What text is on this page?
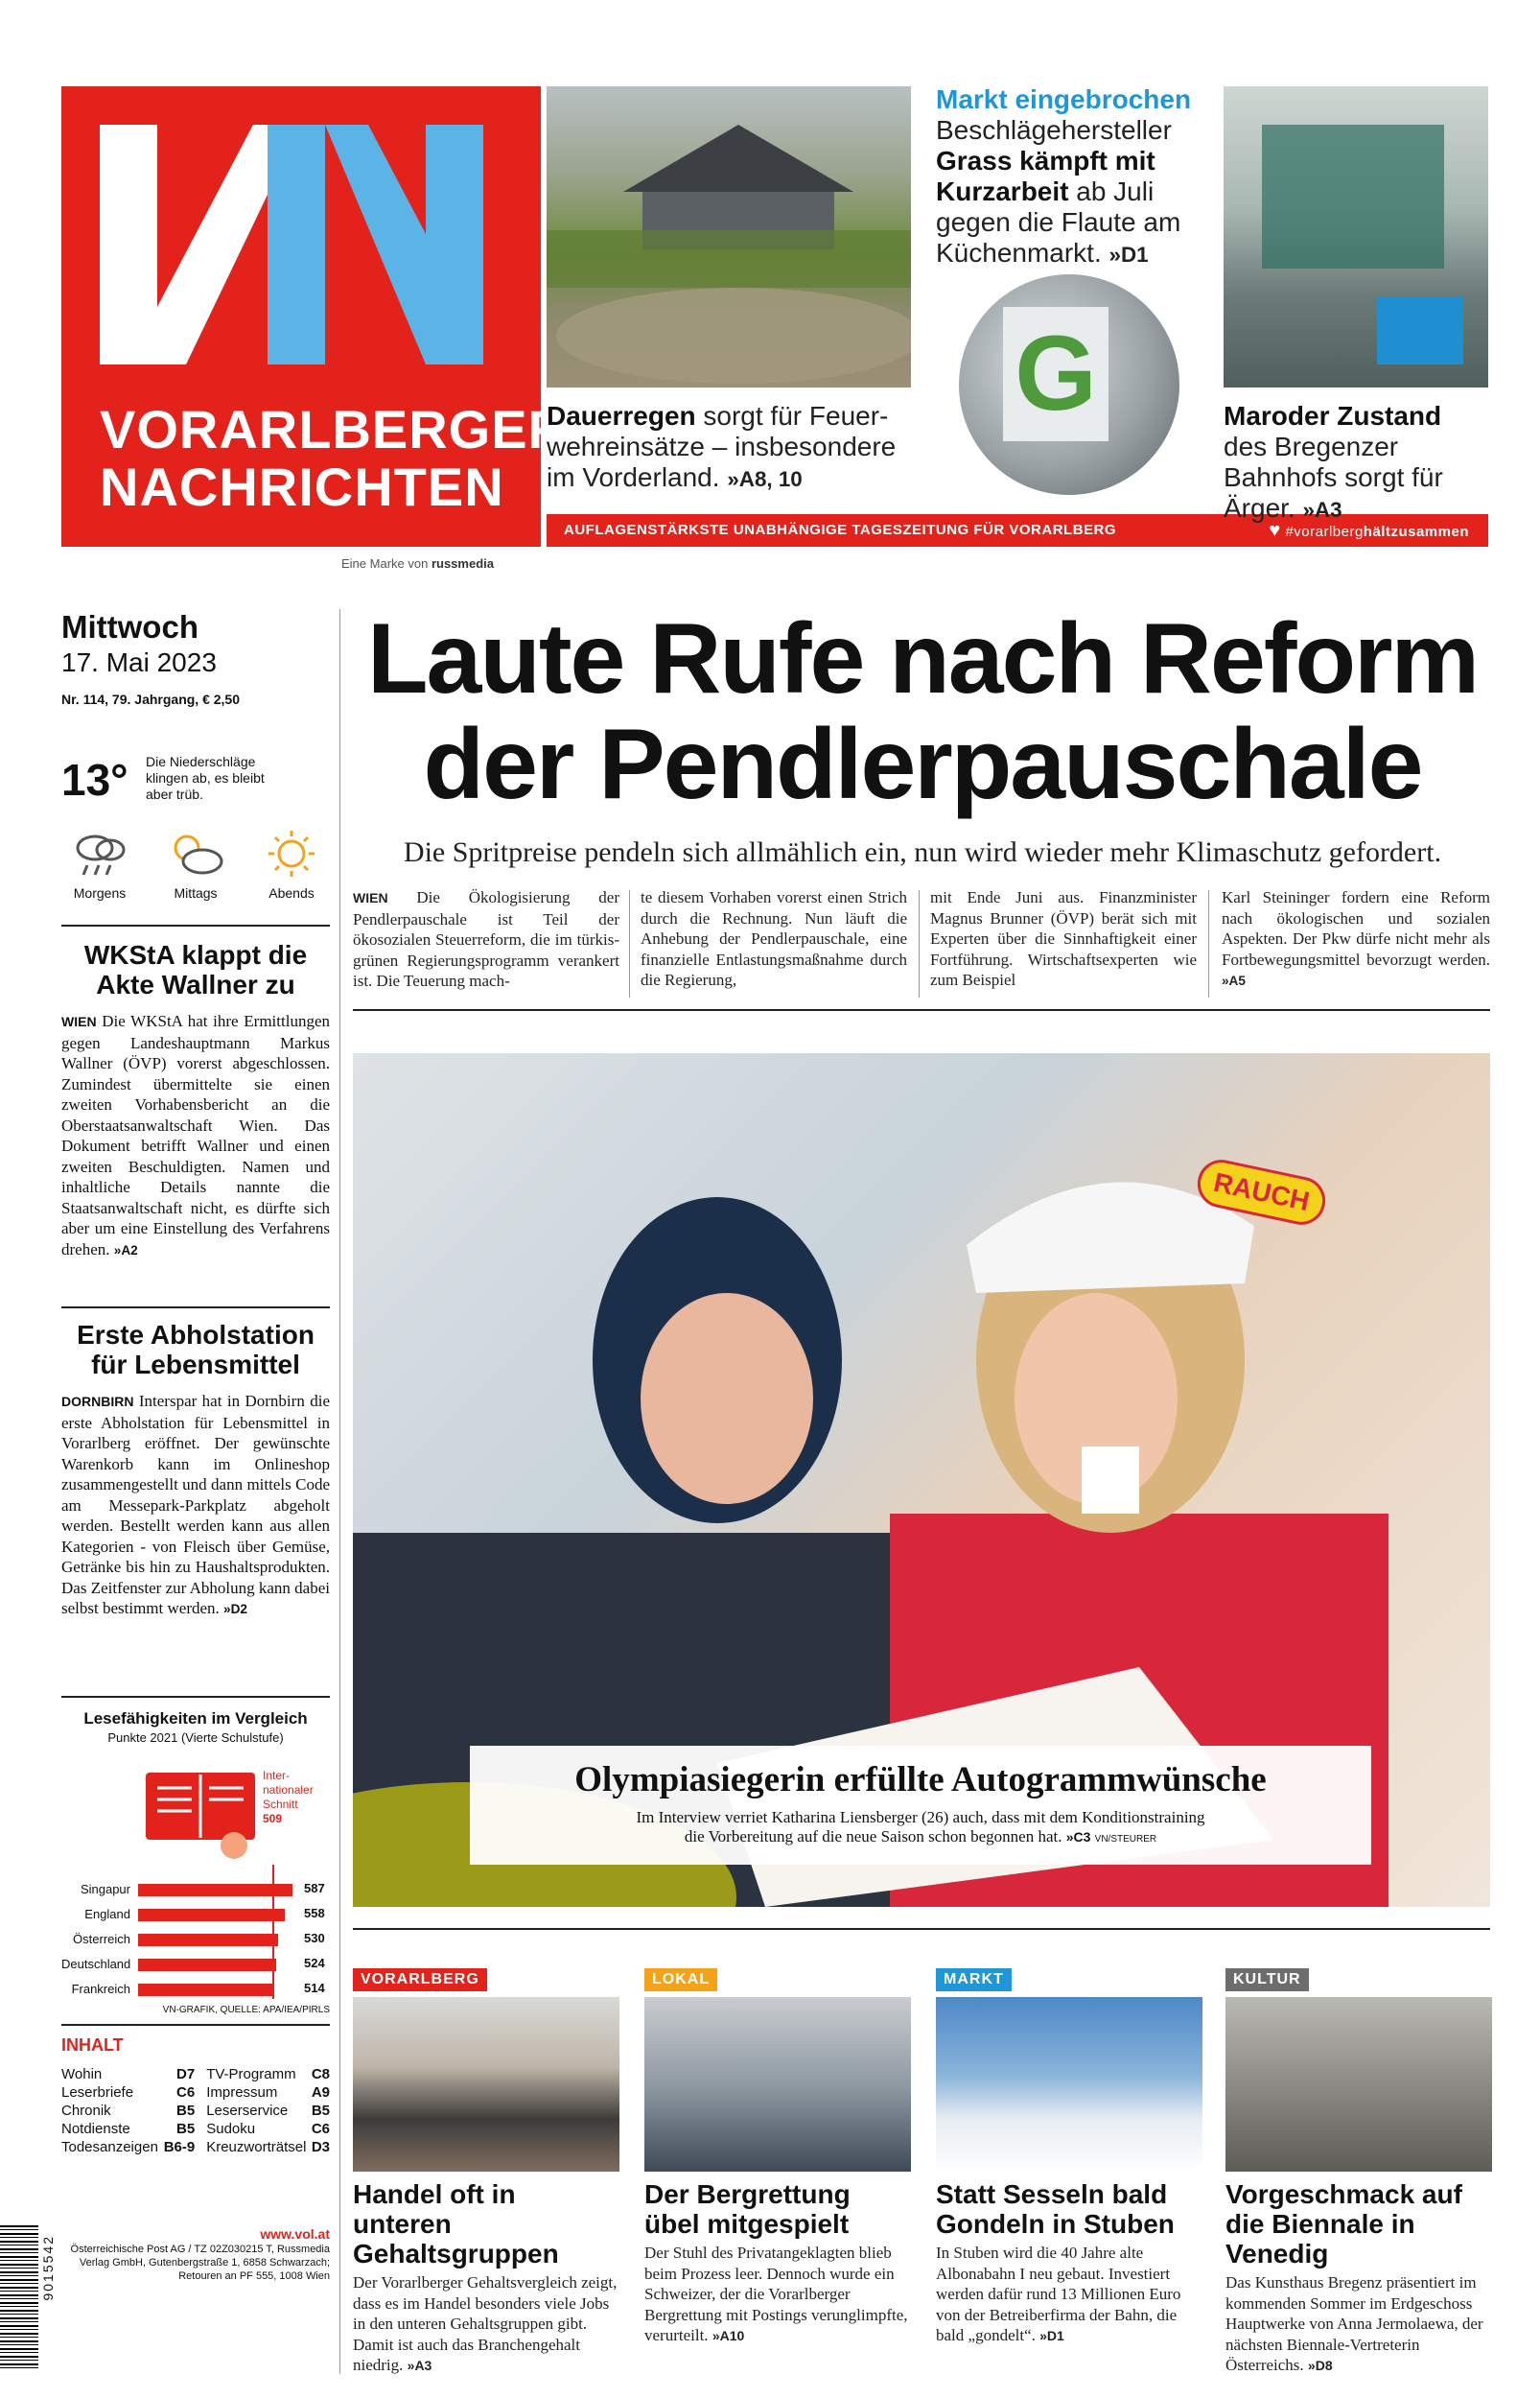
VORARLBERGER
NACHRICHTEN
AUFLAGENSTÄRKSTE UNABHÄNGIGE TAGESZEITUNG FÜR VORARLBERG	♥ #vorarlberghältzusammen
Eine Marke von russmedia
Dauerregen sorgt für Feuerwehreinsätze – insbesondere im Vorderland. »A8, 10
Markt eingebrochen
Beschlägehersteller Grass kämpft mit Kurzarbeit ab Juli gegen die Flaute am Küchenmarkt. »D1
G	Maroder Zustand des Bregenzer Bahnhofs sorgt für Ärger. »A3
Mittwoch
17. Mai 2023
Nr. 114, 79. Jahrgang, € 2,50
13° Die Niederschläge klingen ab, es bleibt aber trüb.
Morgens	Mittags	Abends
WKStA klappt die Akte Wallner zu
WIEN Die WKStA hat ihre Ermittlungen gegen Landeshauptmann Markus Wallner (ÖVP) vorerst abgeschlossen. Zumindest übermittelte sie einen zweiten Vorhabensbericht an die Oberstaatsanwaltschaft Wien. Das Dokument betrifft Wallner und einen zweiten Beschuldigten. Namen und inhaltliche Details nannte die Staatsanwaltschaft nicht, es dürfte sich aber um eine Einstellung des Verfahrens drehen. »A2
Erste Abholstation für Lebensmittel
DORNBIRN Interspar hat in Dornbirn die erste Abholstation für Lebensmittel in Vorarlberg eröffnet. Der gewünschte Warenkorb kann im Onlineshop zusammengestellt und dann mittels Code am Messepark-Parkplatz abgeholt werden. Bestellt werden kann aus allen Kategorien - von Fleisch über Gemüse, Getränke bis hin zu Haushaltsprodukten. Das Zeitfenster zur Abholung kann dabei selbst bestimmt werden. »D2
Lesefähigkeiten im Vergleich
Punkte 2021 (Vierte Schulstufe)
Inter-
nationaler
Schnitt
509
Singapur	587
England	558
Österreich	530
Deutschland	524
Frankreich	514
VN-GRAFIK, QUELLE: APA/IEA/PIRLS
INHALT
Wohin	D7		TV-Programm	C8
Leserbriefe	C6		Impressum	A9
Chronik	B5		Leserservice	B5
Notdienste	B5		Sudoku	C6
Todesanzeigen	B6-9		Kreuzworträtsel	D3
9015542
www.vol.at
Österreichische Post AG / TZ 02Z030215 T, Russmedia Verlag GmbH, Gutenbergstraße 1, 6858 Schwarzach; Retouren an PF 555, 1008 Wien
Laute Rufe nach Reform
der Pendlerpauschale
Die Spritpreise pendeln sich allmählich ein, nun wird wieder mehr Klimaschutz gefordert.
WIEN Die Ökologisierung der Pendlerpauschale ist Teil der ökosozialen Steuerreform, die im türkis-grünen Regierungsprogramm verankert ist. Die Teuerung mach-
te diesem Vorhaben vorerst einen Strich durch die Rechnung. Nun läuft die Anhebung der Pendlerpauschale, eine finanzielle Entlastungsmaßnahme durch die Regierung,
mit Ende Juni aus. Finanzminister Magnus Brunner (ÖVP) berät sich mit Experten über die Sinnhaftigkeit einer Fortführung. Wirtschaftsexperten wie zum Beispiel
Karl Steininger fordern eine Reform nach ökologischen und sozialen Aspekten. Der Pkw dürfe nicht mehr als Fortbewegungsmittel bevorzugt werden. »A5
RAUCH
Olympiasiegerin erfüllte Autogrammwünsche
Im Interview verriet Katharina Liensberger (26) auch, dass mit dem Konditionstraining
die Vorbereitung auf die neue Saison schon begonnen hat. »C3 VN/STEURER
VORARLBERG
Handel oft in unteren Gehaltsgruppen
Der Vorarlberger Gehaltsvergleich zeigt, dass es im Handel besonders viele Jobs in den unteren Gehaltsgruppen gibt. Damit ist auch das Branchengehalt niedrig. »A3
LOKAL
Der Bergrettung übel mitgespielt
Der Stuhl des Privatangeklagten blieb beim Prozess leer. Dennoch wurde ein Schweizer, der die Vorarlberger Bergrettung mit Postings verunglimpfte, verurteilt. »A10
MARKT
Statt Sesseln bald Gondeln in Stuben
In Stuben wird die 40 Jahre alte Albonabahn I neu gebaut. Investiert werden dafür rund 13 Millionen Euro von der Betreiberfirma der Bahn, die bald „gondelt“. »D1
KULTUR
Vorgeschmack auf die Biennale in Venedig
Das Kunsthaus Bregenz präsentiert im kommenden Sommer im Erdgeschoss Hauptwerke von Anna Jermolaewa, der nächsten Biennale-Vertreterin Österreichs. »D8
